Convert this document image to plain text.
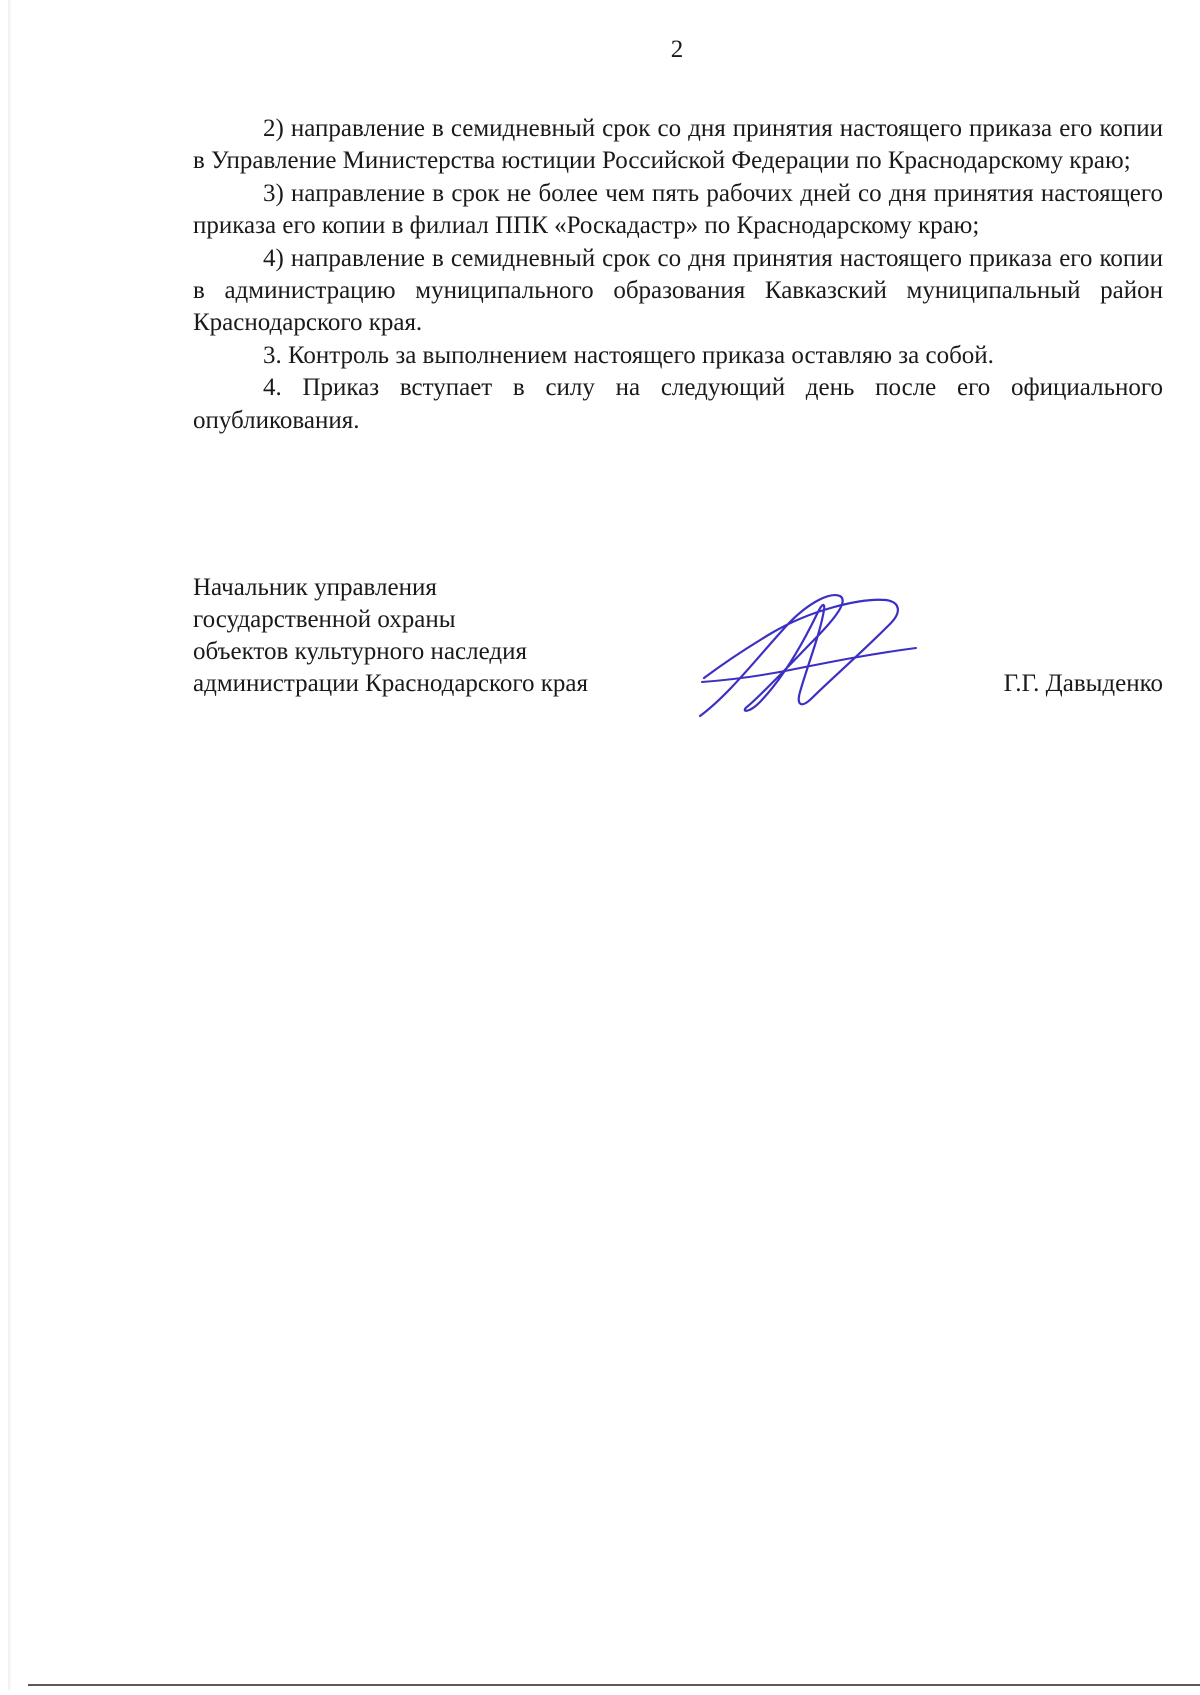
2

2) направление в семидневный срок со дня принятия настоящего приказа его копии в Управление Министерства юстиции Российской Федерации по Краснодарскому краю;

3) направление в срок не более чем пять рабочих дней со дня принятия настоящего приказа его копии в филиал ППК «Роскадастр» по Краснодарскому краю;

4) направление в семидневный срок со дня принятия настоящего приказа его копии в администрацию муниципального образования Кавказский муниципальный район Краснодарского края.

3. Контроль за выполнением настоящего приказа оставляю за собой.

4. Приказ вступает в силу на следующий день после его официального опубликования.

Начальник управления
государственной охраны
объектов культурного наследия
администрации Краснодарского края	Г.Г. Давыденко
